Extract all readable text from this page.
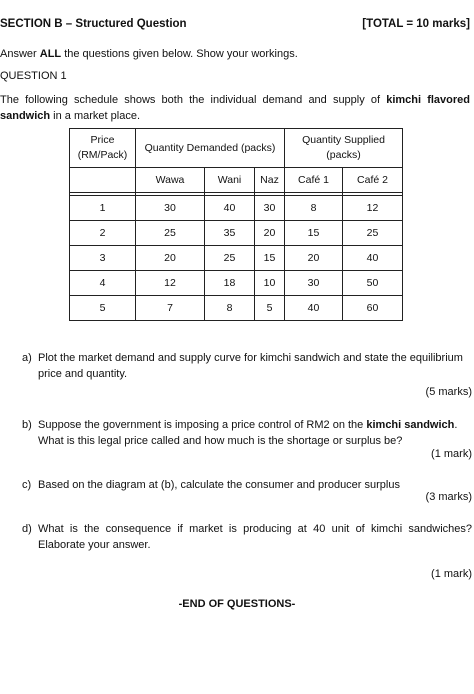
SECTION B – Structured Question	[TOTAL = 10 marks]
Answer ALL the questions given below. Show your workings.
QUESTION 1
The following schedule shows both the individual demand and supply of kimchi flavored sandwich in a market place.
Price (RM/Pack)	Quantity Demanded (packs)			Quantity Supplied (packs)	
	Wawa	Wani	Naz	Café 1	Café 2

1	30	40	30	8	12
2	25	35	20	15	25
3	20	25	15	20	40
4	12	18	10	30	50
5	7	8	5	40	60
a) Plot the market demand and supply curve for kimchi sandwich and state the equilibrium price and quantity.
(5 marks)
b) Suppose the government is imposing a price control of RM2 on the kimchi sandwich. What is this legal price called and how much is the shortage or surplus be?
(1 mark)
c) Based on the diagram at (b), calculate the consumer and producer surplus
(3 marks)
d) What is the consequence if market is producing at 40 unit of kimchi sandwiches? Elaborate your answer.
(1 mark)
-END OF QUESTIONS-
